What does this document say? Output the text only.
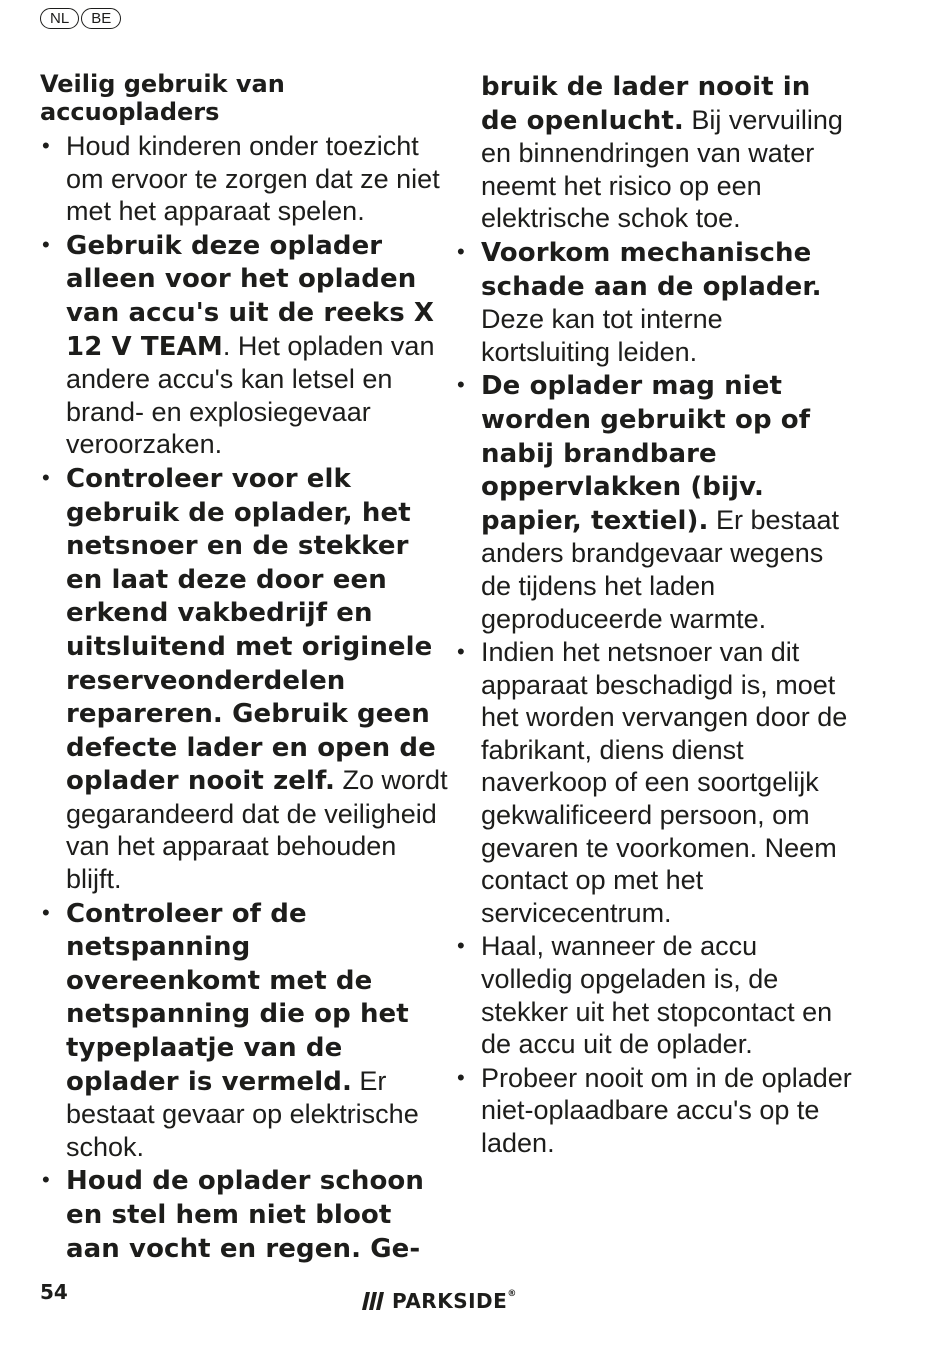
NL	BE
Veilig gebruik van accuopladers
• Houd kinderen onder toezicht om ervoor te zorgen dat ze niet met het apparaat spelen.
• Gebruik deze oplader alleen voor het opladen van accu's uit de reeks X 12 V TEAM. Het opladen van andere accu's kan letsel en brand- en explosiegevaar veroorzaken.
• Controleer voor elk gebruik de oplader, het netsnoer en de stekker en laat deze door een erkend vakbedrijf en uitsluitend met originele reserveonderdelen repareren. Gebruik geen defecte lader en open de oplader nooit zelf. Zo wordt gegarandeerd dat de veiligheid van het apparaat behouden blijft.
• Controleer of de netspanning overeenkomt met de netspanning die op het typeplaatje van de oplader is vermeld. Er bestaat gevaar op elektrische schok.
• Houd de oplader schoon en stel hem niet bloot aan vocht en regen. Ge-
bruik de lader nooit in de openlucht. Bij vervuiling en binnendringen van water neemt het risico op een elektrische schok toe.
• Voorkom mechanische schade aan de oplader. Deze kan tot interne kortsluiting leiden.
• De oplader mag niet worden gebruikt op of nabij brandbare oppervlakken (bijv. papier, textiel). Er bestaat anders brandgevaar wegens de tijdens het laden geproduceerde warmte.
• Indien het netsnoer van dit apparaat beschadigd is, moet het worden vervangen door de fabrikant, diens dienst naverkoop of een soortgelijk gekwalificeerd persoon, om gevaren te voorkomen. Neem contact op met het servicecentrum.
• Haal, wanneer de accu volledig opgeladen is, de stekker uit het stopcontact en de accu uit de oplader.
• Probeer nooit om in de oplader niet-oplaadbare accu's op te laden.
54	PARKSIDE®
